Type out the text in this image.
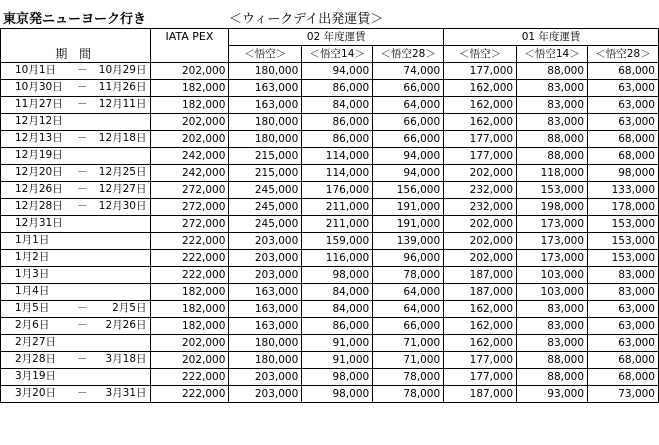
東京発ニューヨーク行き	＜ウィークデイ出発運賃＞
期 間	IATA PEX	02 年度運賃			01 年度運賃		
		＜悟空＞	＜悟空14＞	＜悟空28＞	＜悟空＞	＜悟空14＞	＜悟空28＞

10月1日 － 10月29日	202,000	180,000	94,000	74,000	177,000	88,000	68,000

10月30日 － 11月26日	182,000	163,000	86,000	66,000	162,000	83,000	63,000

11月27日 － 12月11日	182,000	163,000	84,000	64,000	162,000	83,000	63,000

12月12日	202,000	180,000	86,000	66,000	162,000	83,000	63,000

12月13日 － 12月18日	202,000	180,000	86,000	66,000	177,000	88,000	68,000

12月19日	242,000	215,000	114,000	94,000	177,000	88,000	68,000

12月20日 － 12月25日	242,000	215,000	114,000	94,000	202,000	118,000	98,000

12月26日 － 12月27日	272,000	245,000	176,000	156,000	232,000	153,000	133,000

12月28日 － 12月30日	272,000	245,000	211,000	191,000	232,000	198,000	178,000

12月31日	272,000	245,000	211,000	191,000	202,000	173,000	153,000

1月1日	222,000	203,000	159,000	139,000	202,000	173,000	153,000

1月2日	222,000	203,000	116,000	96,000	202,000	173,000	153,000

1月3日	222,000	203,000	98,000	78,000	187,000	103,000	83,000

1月4日	182,000	163,000	84,000	64,000	187,000	103,000	83,000

1月5日 － 2月5日	182,000	163,000	84,000	64,000	162,000	83,000	63,000

2月6日 － 2月26日	182,000	163,000	86,000	66,000	162,000	83,000	63,000

2月27日	202,000	180,000	91,000	71,000	162,000	83,000	63,000

2月28日 － 3月18日	202,000	180,000	91,000	71,000	177,000	88,000	68,000

3月19日	222,000	203,000	98,000	78,000	177,000	88,000	68,000

3月20日 － 3月31日	222,000	203,000	98,000	78,000	187,000	93,000	73,000
